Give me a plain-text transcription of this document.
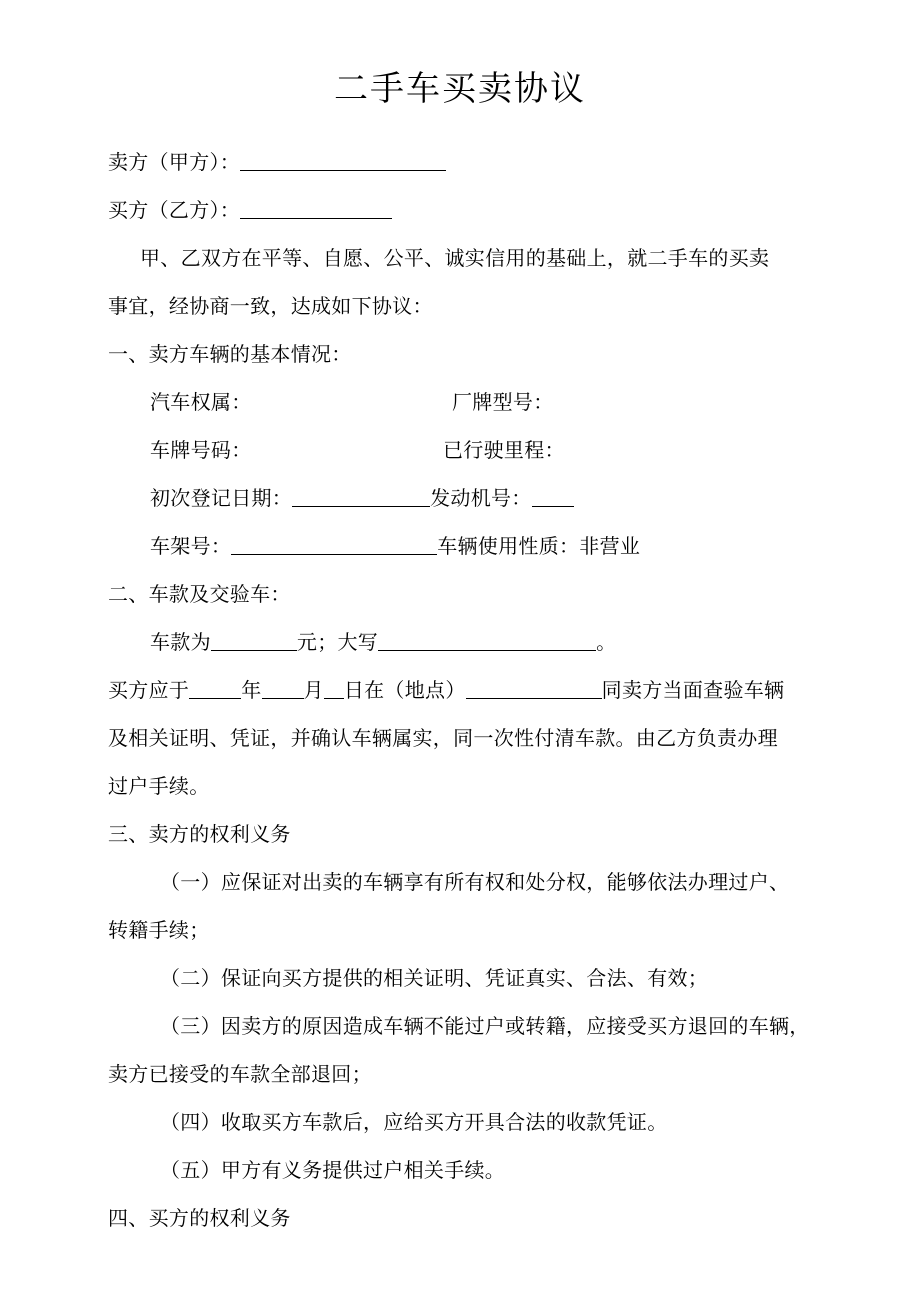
二手车买卖协议
卖方（甲方）：
买方（乙方）：
甲、乙双方在平等、自愿、公平、诚实信用的基础上，就二手车的买卖
事宜，经协商一致，达成如下协议：
一、卖方车辆的基本情况：
汽车权属：	厂牌型号：
车牌号码：	已行驶里程：
初次登记日期：	发动机号：
车架号：	车辆使用性质：非营业
二、车款及交验车：
车款为	元；大写	。
买方应于	年 月 日在（地点）	同卖方当面查验车辆
及相关证明、凭证，并确认车辆属实，同一次性付清车款。由乙方负责办理
过户手续。
三、卖方的权利义务
（一）应保证对出卖的车辆享有所有权和处分权，能够依法办理过户、
转籍手续；
（二）保证向买方提供的相关证明、凭证真实、合法、有效；
（三）因卖方的原因造成车辆不能过户或转籍，应接受买方退回的车辆，
卖方已接受的车款全部退回；
（四）收取买方车款后，应给买方开具合法的收款凭证。
（五）甲方有义务提供过户相关手续。
四、买方的权利义务
